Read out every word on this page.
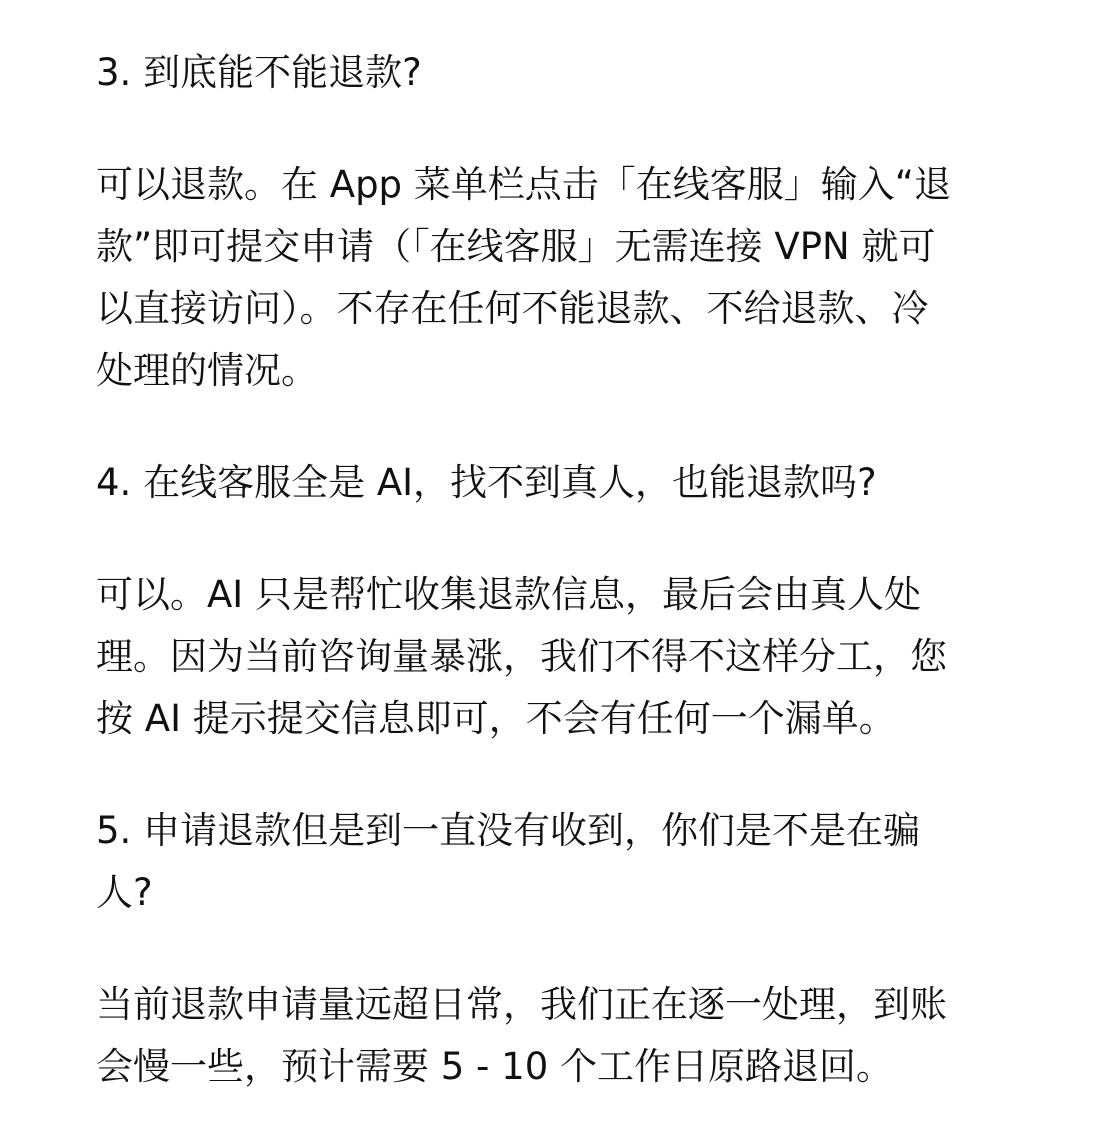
3. 到底能不能退款?
可以退款。在 App 菜单栏点击「在线客服」输入“退
款”即可提交申请（「在线客服」无需连接 VPN 就可
以直接访问）。不存在任何不能退款、不给退款、冷
处理的情况。
4. 在线客服全是 AI，找不到真人，也能退款吗?
可以。AI 只是帮忙收集退款信息，最后会由真人处
理。因为当前咨询量暴涨，我们不得不这样分工，您
按 AI 提示提交信息即可，不会有任何一个漏单。
5. 申请退款但是到一直没有收到，你们是不是在骗
人?
当前退款申请量远超日常，我们正在逐一处理，到账
会慢一些，预计需要 5 - 10 个工作日原路退回。
